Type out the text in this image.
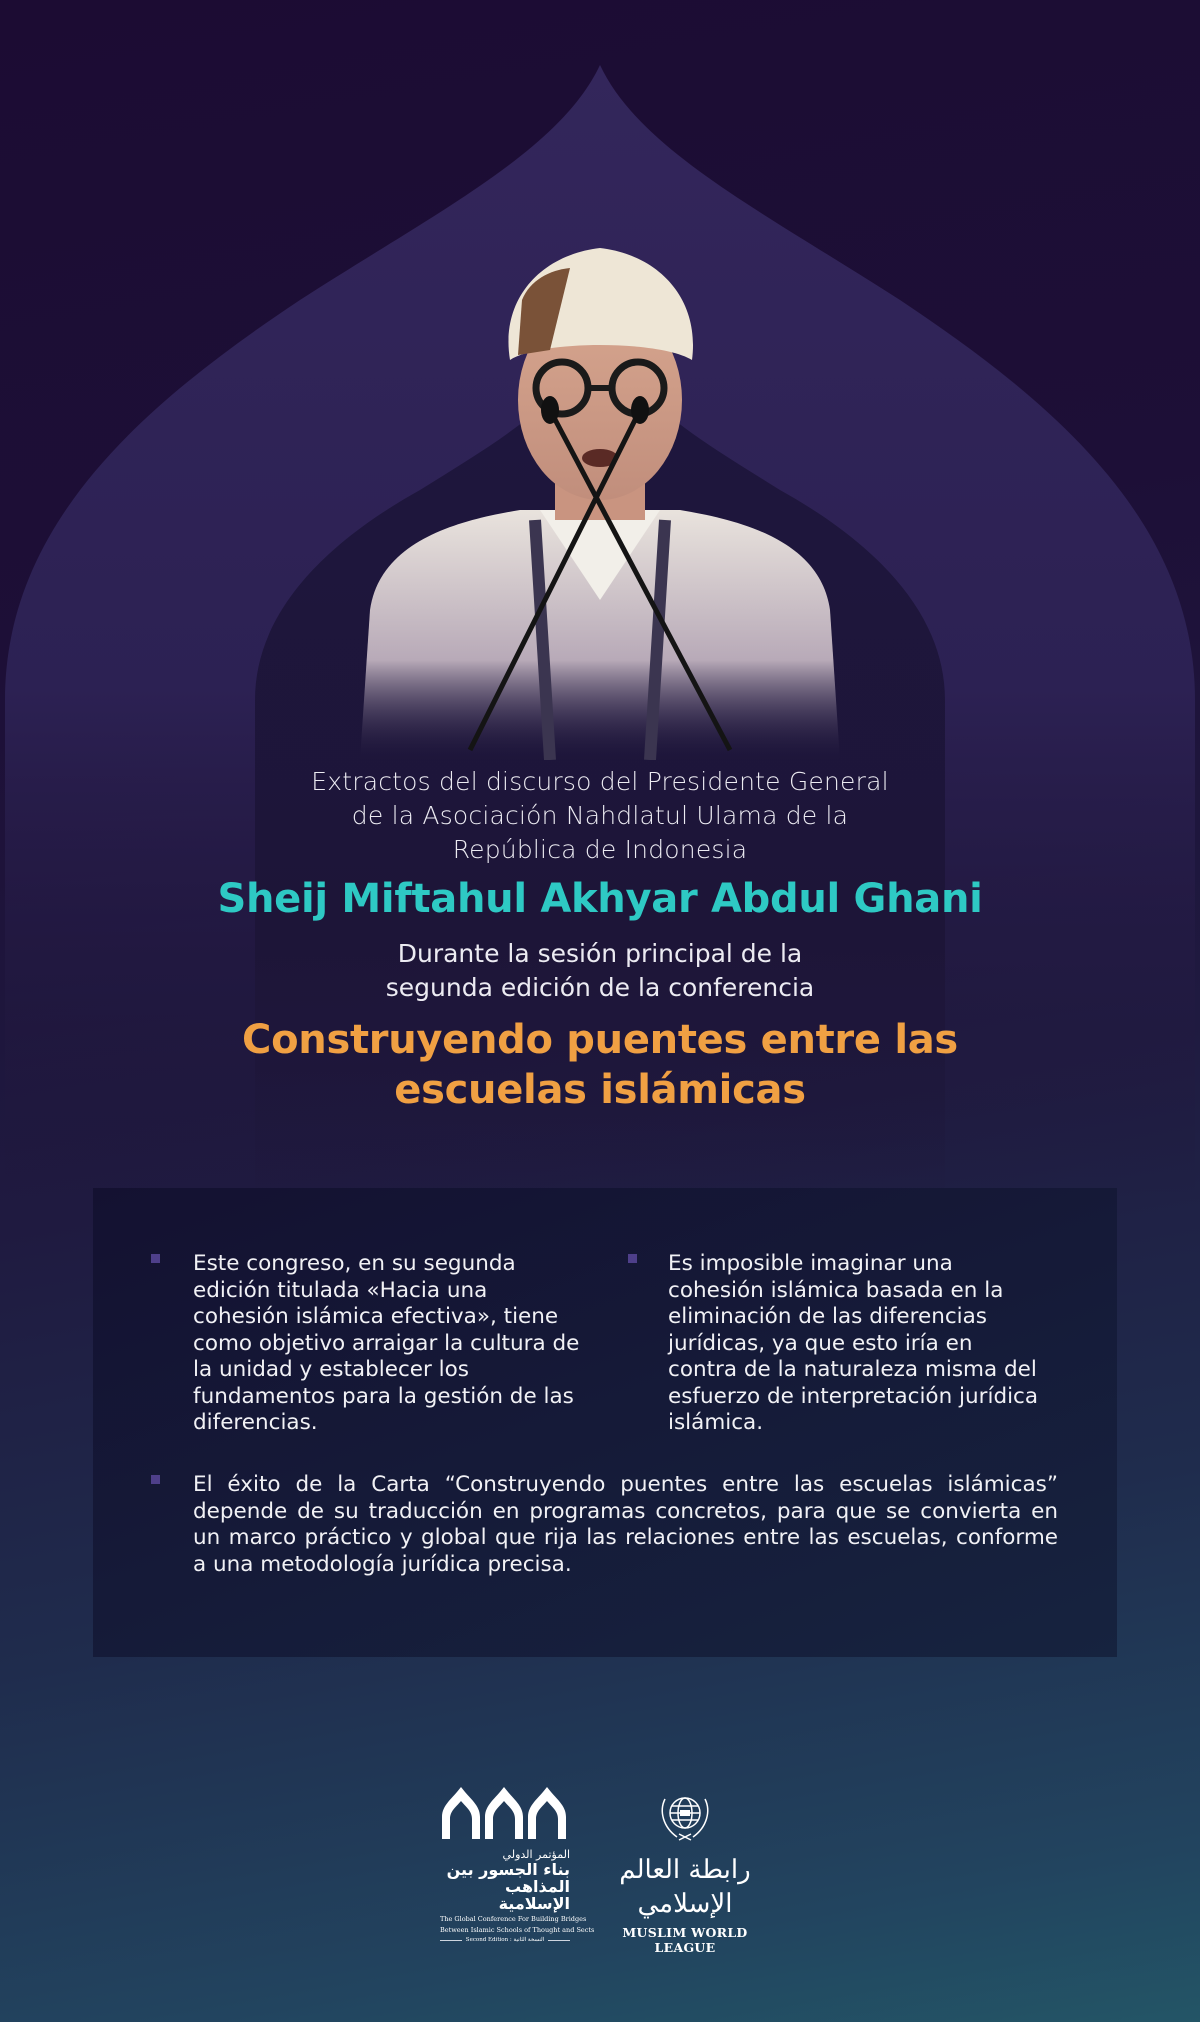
Extractos del discurso del Presidente General
de la Asociación Nahdlatul Ulama de la
República de Indonesia
Sheij Miftahul Akhyar Abdul Ghani
Durante la sesión principal de la
segunda edición de la conferencia
Construyendo puentes entre las
escuelas islámicas
Este congreso, en su segunda edición titulada «Hacia una cohesión islámica efectiva», tiene como objetivo arraigar la cultura de la unidad y establecer los fundamentos para la gestión de las diferencias.
Es imposible imaginar una cohesión islámica basada en la eliminación de las diferencias jurídicas, ya que esto iría en contra de la naturaleza misma del esfuerzo de interpretación jurídica islámica.
El éxito de la Carta “Construyendo puentes entre las escuelas islámicas” depende de su traducción en programas concretos, para que se convierta en un marco práctico y global que rija las relaciones entre las escuelas, conforme a una metodología jurídica precisa.
المؤتمر الدولي
بناء الجسور بين
المذاهب الإسلامية
The Global Conference For Building Bridges
Between Islamic Schools of Thought and Sects
Second Edition : النسخة الثانية
رابطة العالم الإسلامي
MUSLIM WORLD LEAGUE
